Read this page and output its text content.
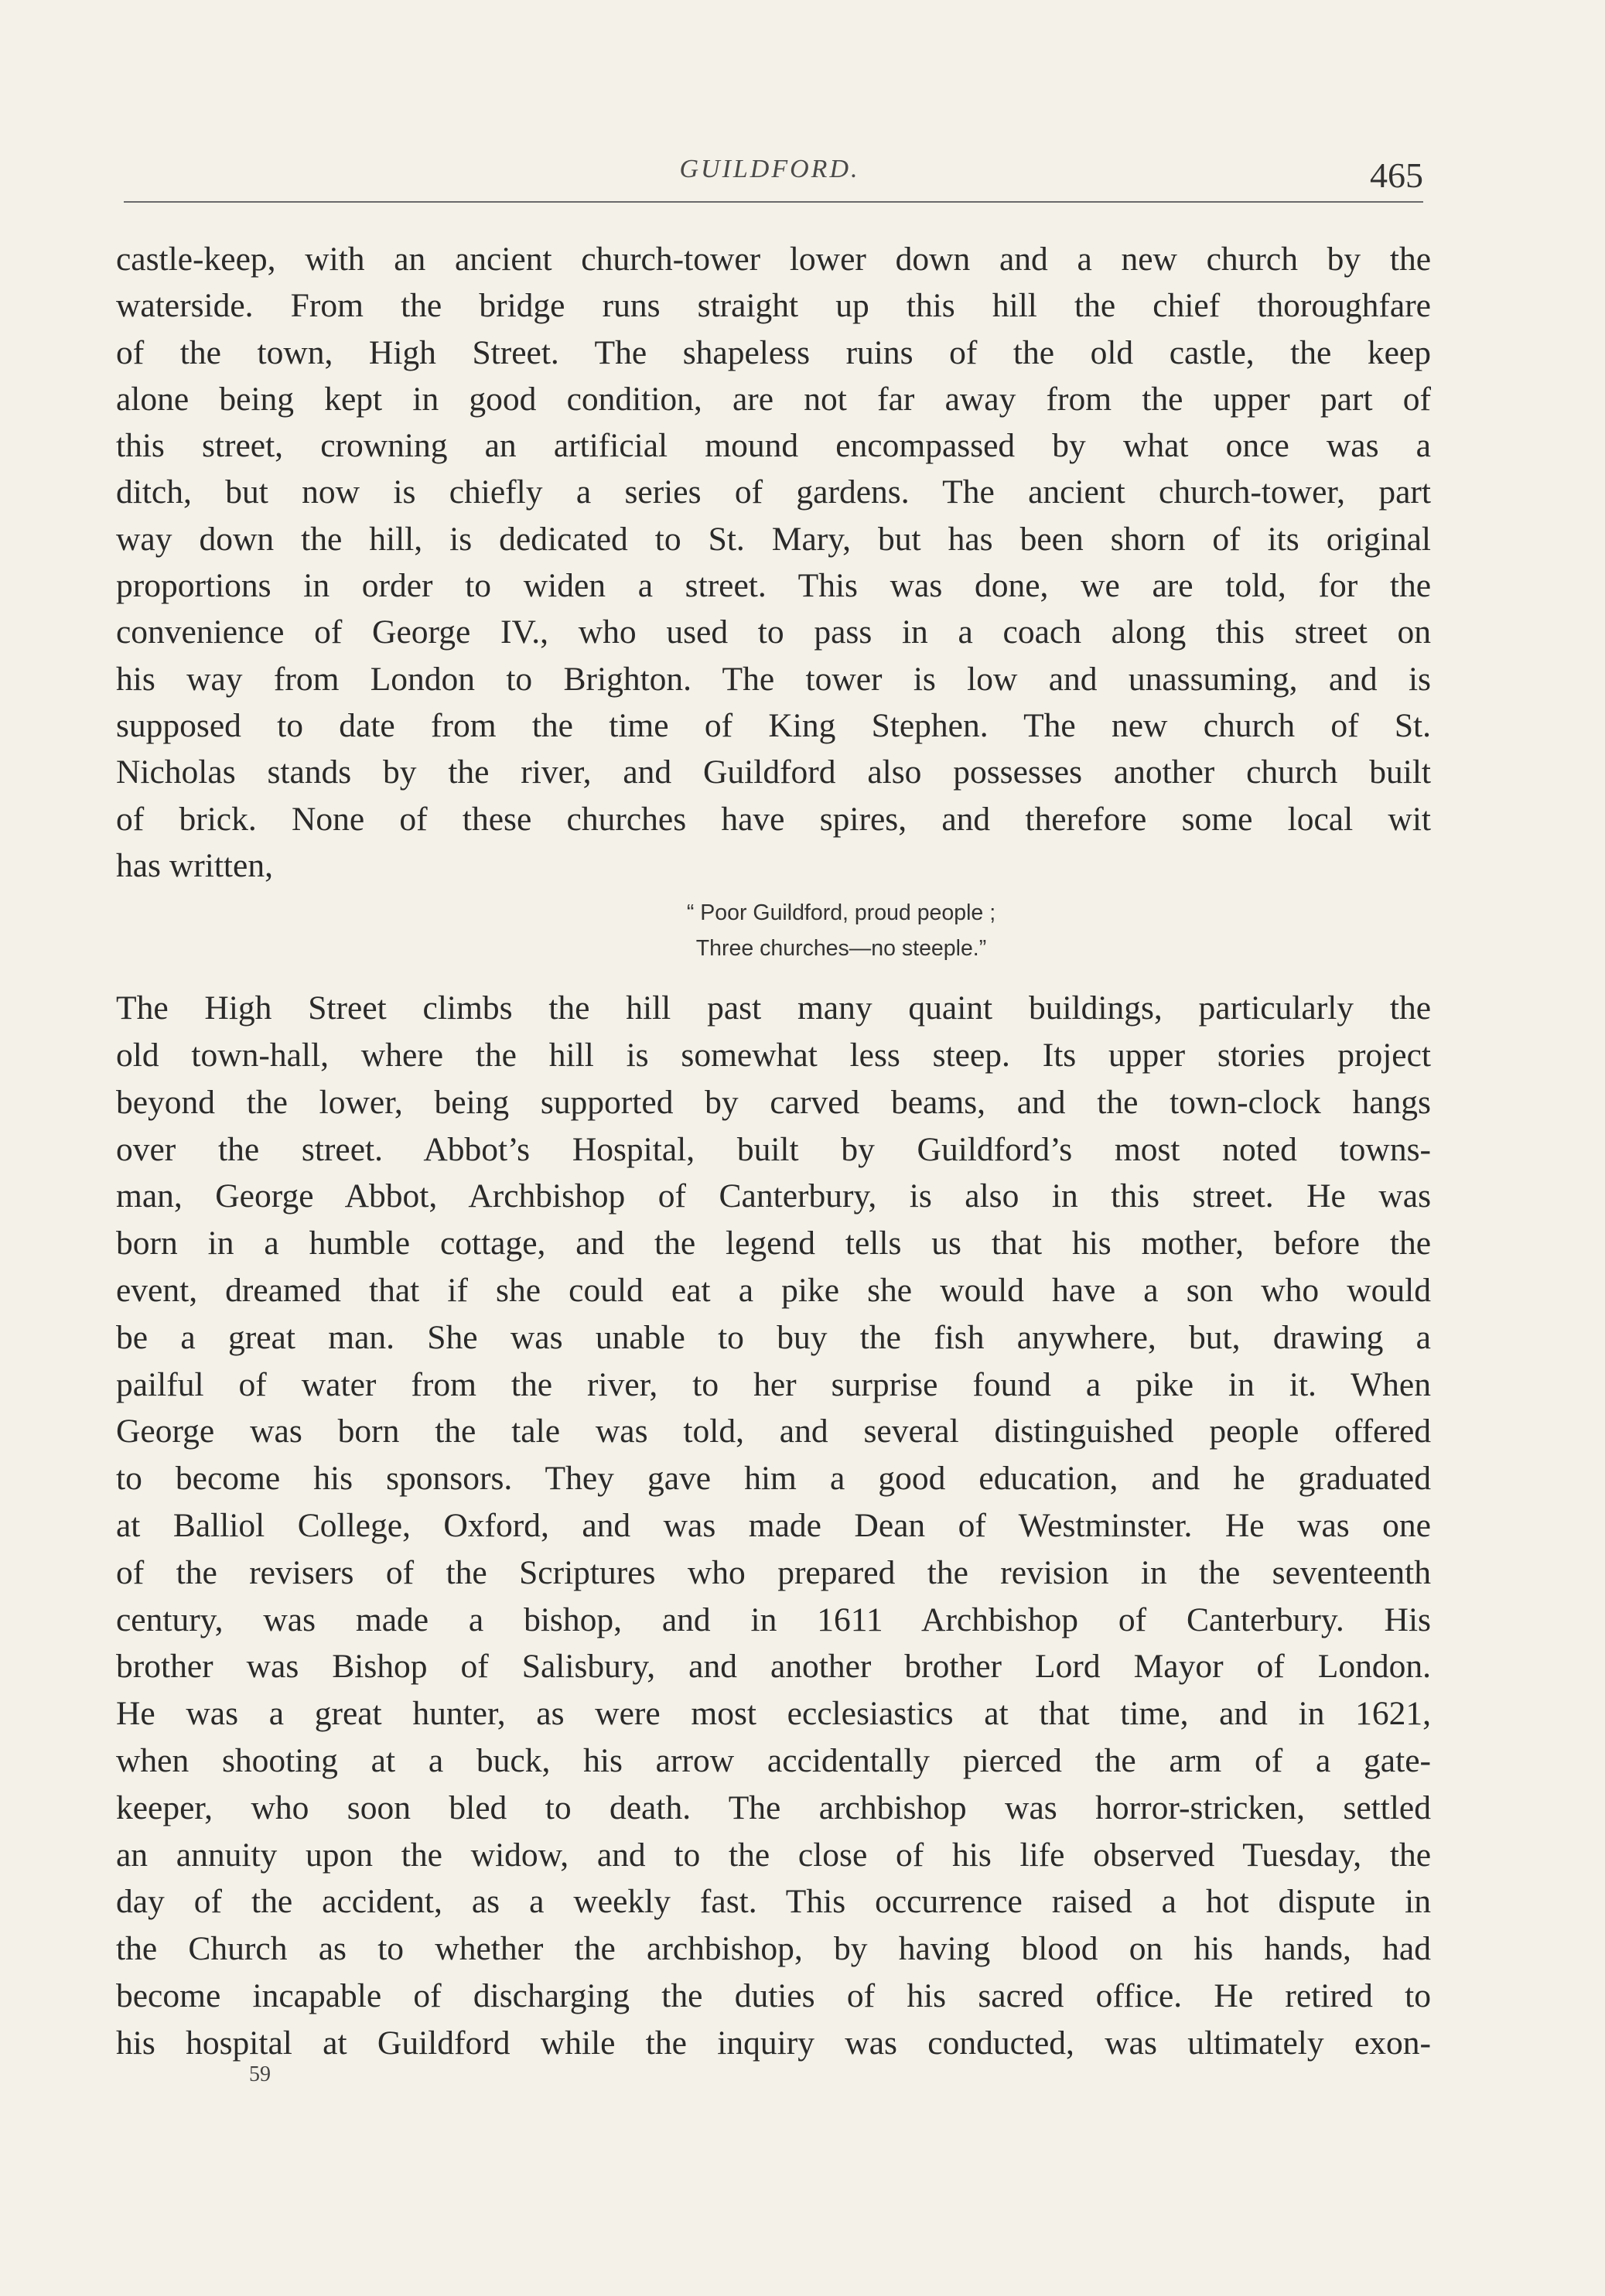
GUILDFORD.	465

castle-keep, with an ancient church-tower lower down and a new church by the
waterside. From the bridge runs straight up this hill the chief thoroughfare
of the town, High Street. The shapeless ruins of the old castle, the keep
alone being kept in good condition, are not far away from the upper part of
this street, crowning an artificial mound encompassed by what once was a
ditch, but now is chiefly a series of gardens. The ancient church-tower, part
way down the hill, is dedicated to St. Mary, but has been shorn of its original
proportions in order to widen a street. This was done, we are told, for the
convenience of George IV., who used to pass in a coach along this street on
his way from London to Brighton. The tower is low and unassuming, and is
supposed to date from the time of King Stephen. The new church of St.
Nicholas stands by the river, and Guildford also possesses another church built
of brick. None of these churches have spires, and therefore some local wit
has written,

“ Poor Guildford, proud people ;
Three churches—no steeple.”

The High Street climbs the hill past many quaint buildings, particularly the
old town-hall, where the hill is somewhat less steep. Its upper stories project
beyond the lower, being supported by carved beams, and the town-clock hangs
over the street. Abbot’s Hospital, built by Guildford’s most noted towns-
man, George Abbot, Archbishop of Canterbury, is also in this street. He was
born in a humble cottage, and the legend tells us that his mother, before the
event, dreamed that if she could eat a pike she would have a son who would
be a great man. She was unable to buy the fish anywhere, but, drawing a
pailful of water from the river, to her surprise found a pike in it. When
George was born the tale was told, and several distinguished people offered
to become his sponsors. They gave him a good education, and he graduated
at Balliol College, Oxford, and was made Dean of Westminster. He was one
of the revisers of the Scriptures who prepared the revision in the seventeenth
century, was made a bishop, and in 1611 Archbishop of Canterbury. His
brother was Bishop of Salisbury, and another brother Lord Mayor of London.
He was a great hunter, as were most ecclesiastics at that time, and in 1621,
when shooting at a buck, his arrow accidentally pierced the arm of a gate-
keeper, who soon bled to death. The archbishop was horror-stricken, settled
an annuity upon the widow, and to the close of his life observed Tuesday, the
day of the accident, as a weekly fast. This occurrence raised a hot dispute in
the Church as to whether the archbishop, by having blood on his hands, had
become incapable of discharging the duties of his sacred office. He retired to
his hospital at Guildford while the inquiry was conducted, was ultimately exon-

59
